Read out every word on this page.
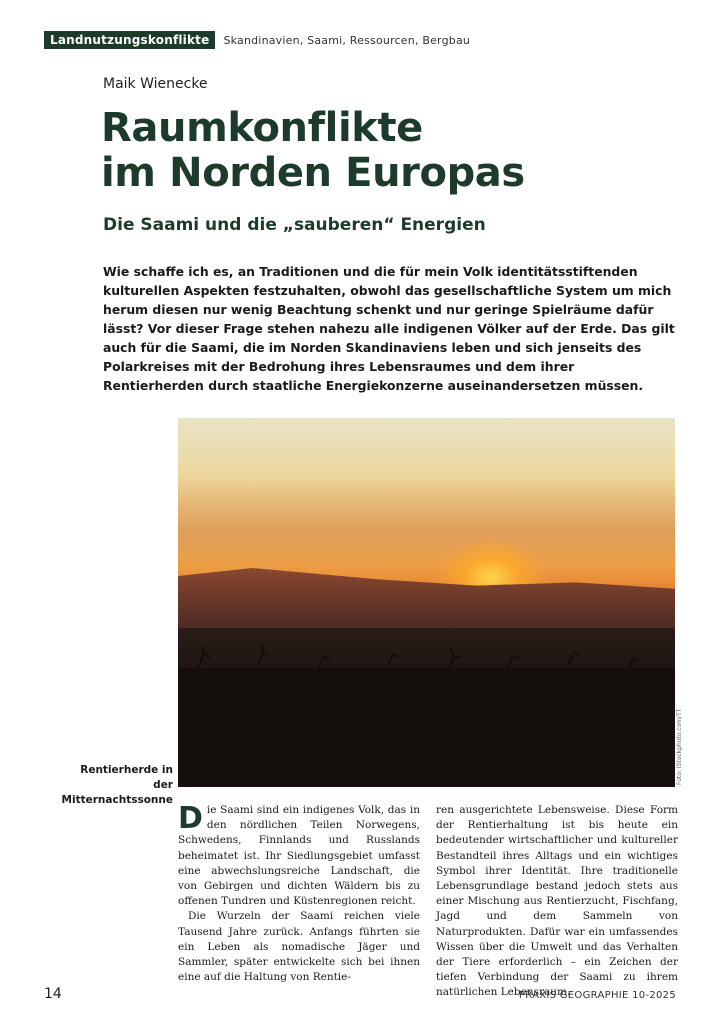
Landnutzungskonflikte	Skandinavien, Saami, Ressourcen, Bergbau
Maik Wienecke
Raumkonflikte
im Norden Europas
Die Saami und die „sauberen“ Energien

Wie schaffe ich es, an Traditionen und die für mein Volk identitätsstiftenden kulturellen Aspekten festzuhalten, obwohl das gesellschaftliche System um mich herum diesen nur wenig Beachtung schenkt und nur geringe Spielräume dafür lässt? Vor dieser Frage stehen nahezu alle indigenen Völker auf der Erde. Das gilt auch für die Saami, die im Norden Skandinaviens leben und sich jenseits des Polarkreises mit der Bedrohung ihres Lebensraumes und dem ihrer Rentierherden durch staatliche Energiekonzerne auseinandersetzen müssen.

Foto: iStockphoto.com/TT
Rentierherde in der Mitternachtssonne

Die Saami sind ein indigenes Volk, das in den nördlichen Teilen Norwegens, Schwedens, Finnlands und Russlands beheimatet ist. Ihr Siedlungsgebiet umfasst eine abwechslungsreiche Landschaft, die von Gebirgen und dichten Wäldern bis zu offenen Tundren und Küstenregionen reicht.

Die Wurzeln der Saami reichen viele Tausend Jahre zurück. Anfangs führten sie ein Leben als nomadische Jäger und Sammler, später entwickelte sich bei ihnen eine auf die Haltung von Rentie-

ren ausgerichtete Lebensweise. Diese Form der Rentierhaltung ist bis heute ein bedeutender wirtschaftlicher und kultureller Bestandteil ihres Alltags und ein wichtiges Symbol ihrer Identität. Ihre traditionelle Lebensgrundlage bestand jedoch stets aus einer Mischung aus Rentierzucht, Fischfang, Jagd und dem Sammeln von Naturprodukten. Dafür war ein umfassendes Wissen über die Umwelt und das Verhalten der Tiere erforderlich – ein Zeichen der tiefen Verbindung der Saami zu ihrem natürlichen Lebensraum.

14	PRAXIS GEOGRAPHIE 10-2025
